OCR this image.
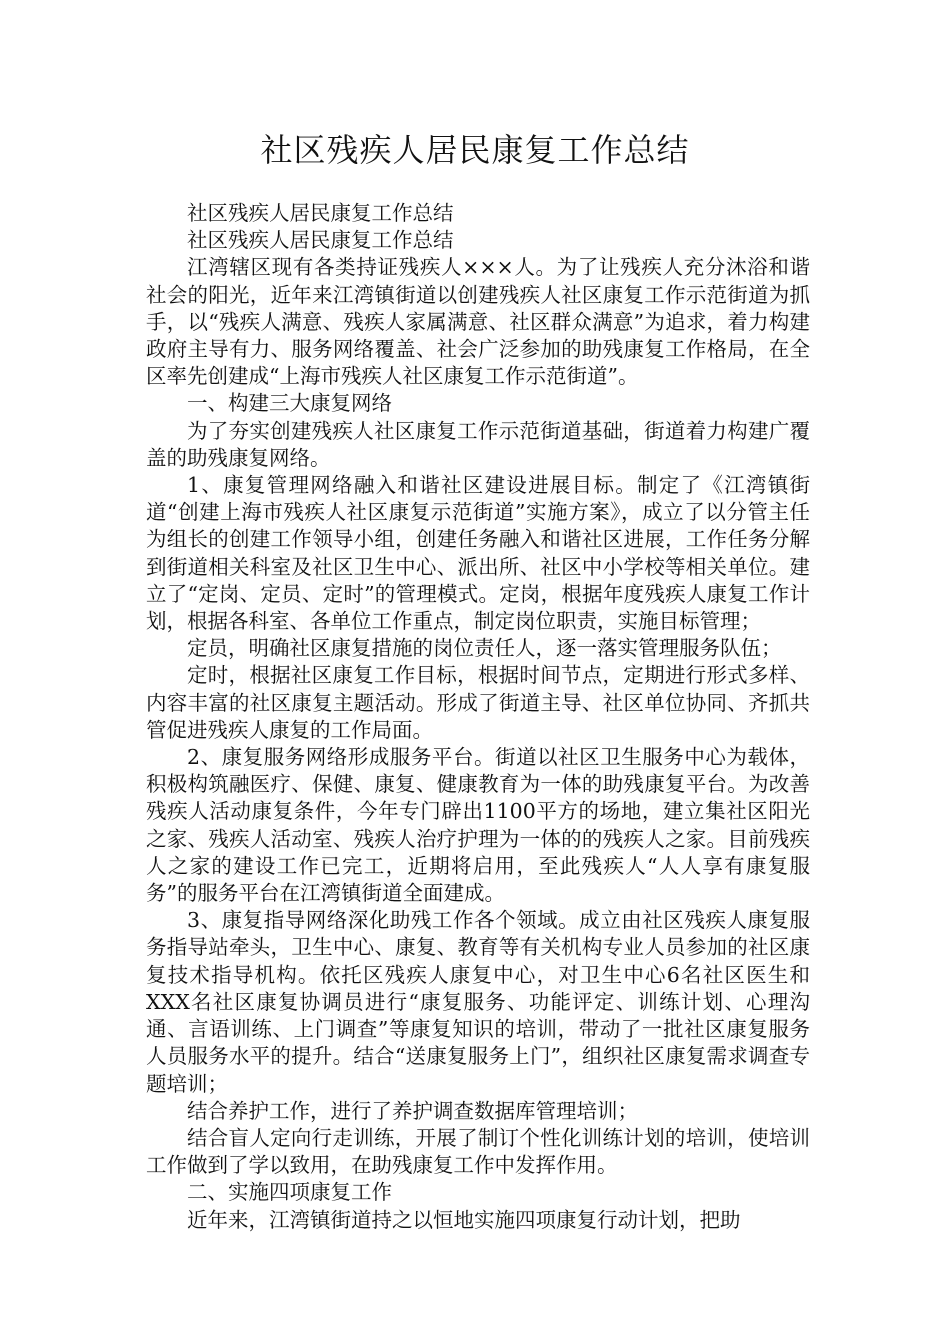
社区残疾人居民康复工作总结

社区残疾人居民康复工作总结

社区残疾人居民康复工作总结

江湾辖区现有各类持证残疾人×××人。为了让残疾人充分沐浴和谐社会的阳光，近年来江湾镇街道以创建残疾人社区康复工作示范街道为抓手，以“残疾人满意、残疾人家属满意、社区群众满意”为追求，着力构建政府主导有力、服务网络覆盖、社会广泛参加的助残康复工作格局，在全区率先创建成“上海市残疾人社区康复工作示范街道”。

一、构建三大康复网络

为了夯实创建残疾人社区康复工作示范街道基础，街道着力构建广覆盖的助残康复网络。

1、康复管理网络融入和谐社区建设进展目标。制定了《江湾镇街道“创建上海市残疾人社区康复示范街道”实施方案》，成立了以分管主任为组长的创建工作领导小组，创建任务融入和谐社区进展，工作任务分解到街道相关科室及社区卫生中心、派出所、社区中小学校等相关单位。建立了“定岗、定员、定时”的管理模式。定岗，根据年度残疾人康复工作计划，根据各科室、各单位工作重点，制定岗位职责，实施目标管理；

定员，明确社区康复措施的岗位责任人，逐一落实管理服务队伍；

定时，根据社区康复工作目标，根据时间节点，定期进行形式多样、内容丰富的社区康复主题活动。形成了街道主导、社区单位协同、齐抓共管促进残疾人康复的工作局面。

2、康复服务网络形成服务平台。街道以社区卫生服务中心为载体，积极构筑融医疗、保健、康复、健康教育为一体的助残康复平台。为改善残疾人活动康复条件，今年专门辟出1100平方的场地，建立集社区阳光之家、残疾人活动室、残疾人治疗护理为一体的的残疾人之家。目前残疾人之家的建设工作已完工，近期将启用，至此残疾人“人人享有康复服务”的服务平台在江湾镇街道全面建成。

3、康复指导网络深化助残工作各个领域。成立由社区残疾人康复服务指导站牵头，卫生中心、康复、教育等有关机构专业人员参加的社区康复技术指导机构。依托区残疾人康复中心，对卫生中心6名社区医生和XXX名社区康复协调员进行“康复服务、功能评定、训练计划、心理沟通、言语训练、上门调查”等康复知识的培训，带动了一批社区康复服务人员服务水平的提升。结合“送康复服务上门”，组织社区康复需求调查专题培训；

结合养护工作，进行了养护调查数据库管理培训；

结合盲人定向行走训练，开展了制订个性化训练计划的培训，使培训工作做到了学以致用，在助残康复工作中发挥作用。

二、实施四项康复工作

近年来，江湾镇街道持之以恒地实施四项康复行动计划，把助
